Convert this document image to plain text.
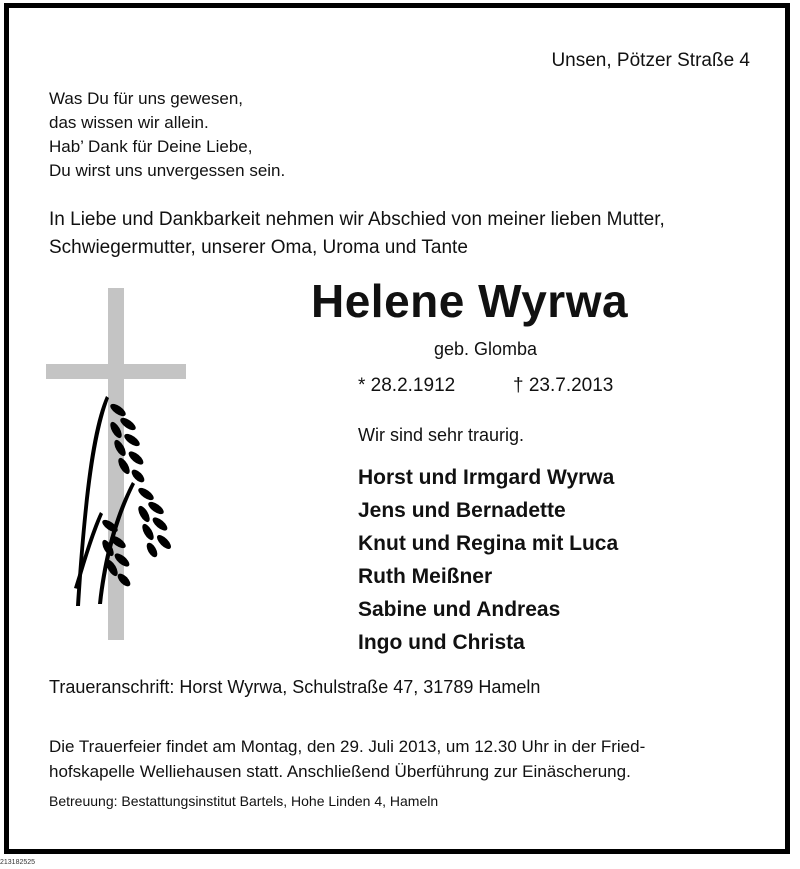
Unsen, Pötzer Straße 4
Was Du für uns gewesen,
das wissen wir allein.
Hab’ Dank für Deine Liebe,
Du wirst uns unvergessen sein.
In Liebe und Dankbarkeit nehmen wir Abschied von meiner lieben Mutter,
Schwiegermutter, unserer Oma, Uroma und Tante
Helene Wyrwa
geb. Glomba
* 28.2.1912	† 23.7.2013
Wir sind sehr traurig.
Horst und Irmgard Wyrwa
Jens und Bernadette
Knut und Regina mit Luca
Ruth Meißner
Sabine und Andreas
Ingo und Christa
Traueranschrift: Horst Wyrwa, Schulstraße 47, 31789 Hameln
Die Trauerfeier findet am Montag, den 29. Juli 2013, um 12.30 Uhr in der Fried-
hofskapelle Welliehausen statt. Anschließend Überführung zur Einäscherung.
Betreuung: Bestattungsinstitut Bartels, Hohe Linden 4, Hameln
213182525
